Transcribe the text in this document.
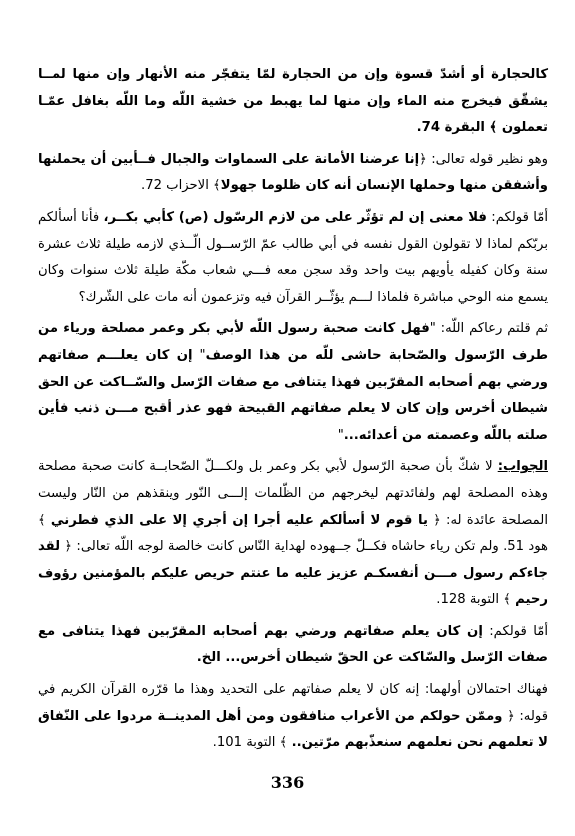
كالحجارة أو أشدّ قسوة وإن من الحجارة لمّا يتفجّر منه الأنهار وإن منها لمــا يشقّق فيخرج منه الماء وإن منها لما يهبط من خشية اللّه وما اللّه بغافل عمّـا تعملون ﴾ البقرة 74.

وهو نظير قوله تعالى: ﴿إنا عرضنا الأمانة على السماوات والجبال فــأبين أن يحملنها وأشفقن منها وحملها الإنسان أنه كان ظلوما جهولا﴾ الاحزاب 72.

أمّا قولكم: فلا معنى إن لم تؤثّر على من لازم الرسّول (ص) كأبي بكــر، فأنا أسألكم بربّكم لماذا لا تقولون القول نفسه في أبي طالب عمّ الرّســول الّــذي لازمه طيلة ثلاث عشرة سنة وكان كفيله يأويهم بيت واحد وقد سجن معه فـــي شعاب مكّة طيلة ثلاث سنوات وكان يسمع منه الوحي مباشرة فلماذا لـــم يؤثّــر القرآن فيه وتزعمون أنه مات على الشّرك؟

ثم قلتم رعاكم اللّه: "فهل كانت صحبة رسول اللّه لأبي بكر وعمر مصلحة ورياء من طرف الرّسول والصّحابة حاشى للّه من هذا الوصف" إن كان يعلـــم صفاتهم ورضي بهم أصحابه المقرّبين فهذا يتنافى مع صفات الرّسل والسّــاكت عن الحق شيطان أخرس وإن كان لا يعلم صفاتهم القبيحة فهو عذر أقبح مـــن ذنب فأين صلته باللّه وعصمته من أعدائه..."

الجواب: لا شكّ بأن صحبة الرّسول لأبي بكر وعمر بل ولكـــلّ الصّحابــة كانت صحبة مصلحة وهذه المصلحة لهم ولفائدتهم ليخرجهم من الظّلمات إلـــى النّور وينقذهم من النّار وليست المصلحة عائدة له: ﴿ يا قوم لا أسألكم عليه أجرا إن أجري إلا على الذي فطرني ﴾ هود 51. ولم تكن رياء حاشاه فكــلّ جــهوده لهداية النّاس كانت خالصة لوجه اللّه تعالى: ﴿ لقد جاءكم رسول مـــن أنفسكـم عزيز عليه ما عنتم حريص عليكم بالمؤمنين رؤوف رحيم ﴾ التوبة 128.

أمّا قولكم: إن كان يعلم صفاتهم ورضي بهم أصحابه المقرّبين فهذا يتنافى مع صفات الرّسل والسّاكت عن الحقّ شيطان أخرس... الخ.

فهناك احتمالان أولهما: إنه كان لا يعلم صفاتهم على التحديد وهذا ما قرّره القرآن الكريم في قوله: ﴿ وممّن حولكم من الأعراب منافقون ومن أهل المدينــة مردوا على النّفاق لا تعلمهم نحن نعلمهم سنعذّبهم مرّتين.. ﴾ التوبة 101.

336
